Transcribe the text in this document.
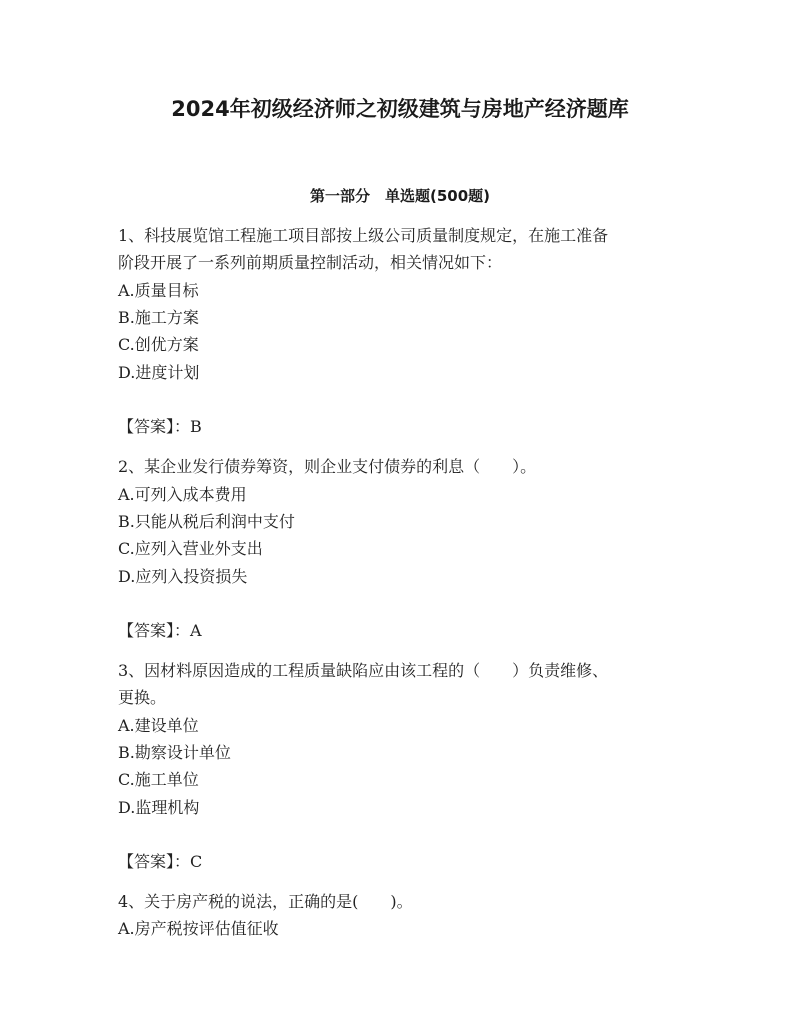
2024年初级经济师之初级建筑与房地产经济题库
第一部分　单选题(500题)

1、科技展览馆工程施工项目部按上级公司质量制度规定，在施工准备

阶段开展了一系列前期质量控制活动，相关情况如下：

A.质量目标

B.施工方案

C.创优方案

D.进度计划

【答案】：B

2、某企业发行债券筹资，则企业支付债券的利息（　　）。

A.可列入成本费用

B.只能从税后利润中支付

C.应列入营业外支出

D.应列入投资损失

【答案】：A

3、因材料原因造成的工程质量缺陷应由该工程的（　　）负责维修、

更换。

A.建设单位

B.勘察设计单位

C.施工单位

D.监理机构

【答案】：C

4、关于房产税的说法，正确的是(　　)。

A.房产税按评估值征收
